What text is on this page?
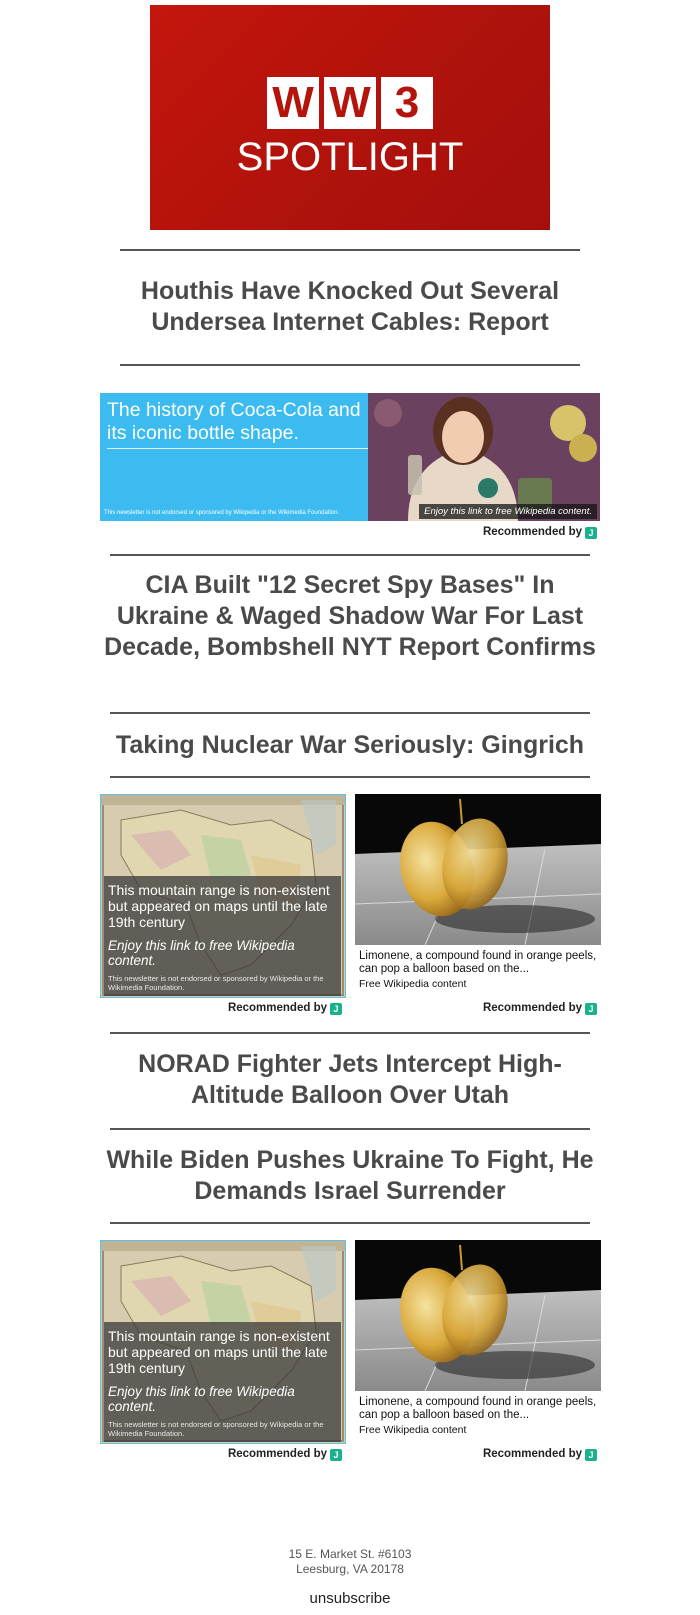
W W 3
SPOTLIGHT
Houthis Have Knocked Out Several Undersea Internet Cables: Report
The history of Coca-Cola and its iconic bottle shape.
This newsletter is not endorsed or sponsored by Wikipedia or the Wikimedia Foundation.	Enjoy this link to free Wikipedia content.
Recommended by J
CIA Built "12 Secret Spy Bases" In Ukraine & Waged Shadow War For Last Decade, Bombshell NYT Report Confirms
Taking Nuclear War Seriously: Gingrich
This mountain range is non-existent but appeared on maps until the late 19th century
Enjoy this link to free Wikipedia content.
This newsletter is not endorsed or sponsored by Wikipedia or the Wikimedia Foundation.
Recommended by J
Limonene, a compound found in orange peels, can pop a balloon based on the...
Free Wikipedia content
Recommended by J
NORAD Fighter Jets Intercept High-Altitude Balloon Over Utah
While Biden Pushes Ukraine To Fight, He Demands Israel Surrender
This mountain range is non-existent but appeared on maps until the late 19th century
Enjoy this link to free Wikipedia content.
This newsletter is not endorsed or sponsored by Wikipedia or the Wikimedia Foundation.
Recommended by J
Limonene, a compound found in orange peels, can pop a balloon based on the...
Free Wikipedia content
Recommended by J
15 E. Market St. #6103
Leesburg, VA 20178
unsubscribe
